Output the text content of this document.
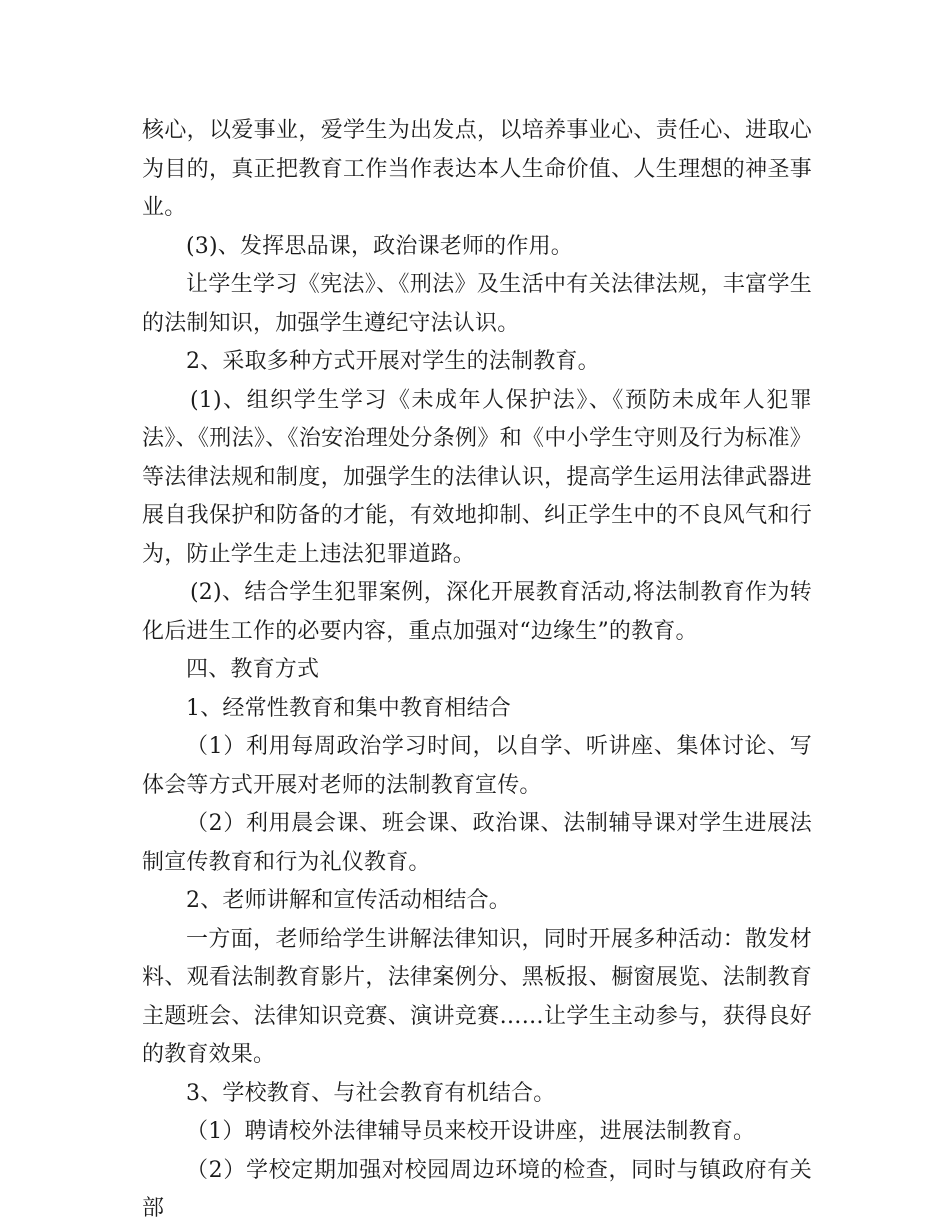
核心，以爱事业，爱学生为出发点，以培养事业心、责任心、进取心为目的，真正把教育工作当作表达本人生命价值、人生理想的神圣事业。

(3)、发挥思品课，政治课老师的作用。

让学生学习《宪法》、《刑法》及生活中有关法律法规，丰富学生的法制知识，加强学生遵纪守法认识。

2、采取多种方式开展对学生的法制教育。

(1)、组织学生学习《未成年人保护法》、《预防未成年人犯罪法》、《刑法》、《治安治理处分条例》和《中小学生守则及行为标准》等法律法规和制度，加强学生的法律认识，提高学生运用法律武器进展自我保护和防备的才能，有效地抑制、纠正学生中的不良风气和行为，防止学生走上违法犯罪道路。

(2)、结合学生犯罪案例，深化开展教育活动,将法制教育作为转化后进生工作的必要内容，重点加强对“边缘生”的教育。

四、教育方式

1、经常性教育和集中教育相结合

（1）利用每周政治学习时间，以自学、听讲座、集体讨论、写体会等方式开展对老师的法制教育宣传。

（2）利用晨会课、班会课、政治课、法制辅导课对学生进展法制宣传教育和行为礼仪教育。

2、老师讲解和宣传活动相结合。

一方面，老师给学生讲解法律知识，同时开展多种活动：散发材料、观看法制教育影片，法律案例分、黑板报、橱窗展览、法制教育主题班会、法律知识竞赛、演讲竞赛……让学生主动参与，获得良好的教育效果。

3、学校教育、与社会教育有机结合。

（1）聘请校外法律辅导员来校开设讲座，进展法制教育。

（2）学校定期加强对校园周边环境的检查，同时与镇政府有关部
